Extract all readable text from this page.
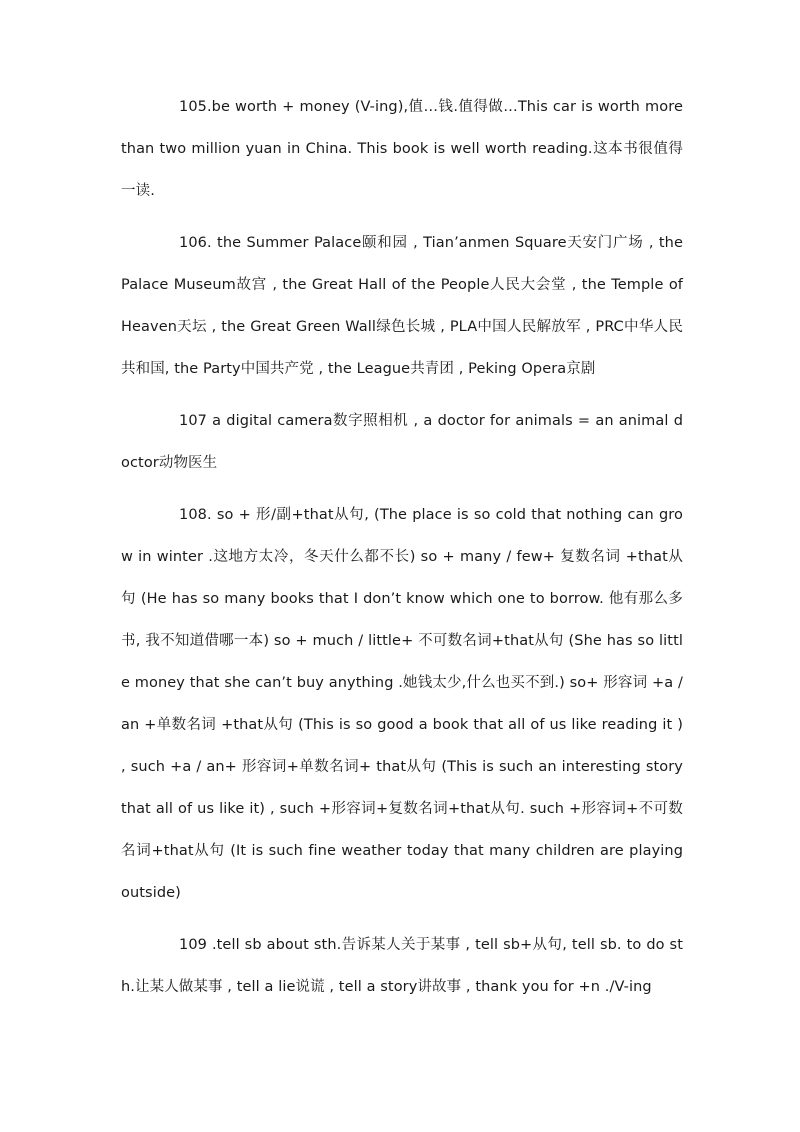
105.be worth + money (V-ing),值…钱.值得做…This car is worth more than two million yuan in China. This book is well worth reading.这本书很值得一读.

106. the Summer Palace颐和园 , Tian’anmen Square天安门广场 , the Palace Museum故宫 , the Great Hall of the People人民大会堂 , the Temple of Heaven天坛 , the Great Green Wall绿色长城 , PLA中国人民解放军 , PRC中华人民共和国, the Party中国共产党 , the League共青团 , Peking Opera京剧

107 a digital camera数字照相机 , a doctor for animals = an animal doctor动物医生

108. so + 形/副+that从句, (The place is so cold that nothing can grow in winter .这地方太冷，冬天什么都不长) so + many / few+ 复数名词 +that从句 (He has so many books that I don’t know which one to borrow. 他有那么多书, 我不知道借哪一本) so + much / little+ 不可数名词+that从句 (She has so little money that she can’t buy anything .她钱太少,什么也买不到.) so+ 形容词 +a / an +单数名词 +that从句 (This is so good a book that all of us like reading it ) , such +a / an+ 形容词+单数名词+ that从句 (This is such an interesting story that all of us like it) , such +形容词+复数名词+that从句. such +形容词+不可数名词+that从句 (It is such fine weather today that many children are playing outside)

109 .tell sb about sth.告诉某人关于某事 , tell sb+从句, tell sb. to do sth.让某人做某事 , tell a lie说谎 , tell a story讲故事 , thank you for +n ./V-ing
